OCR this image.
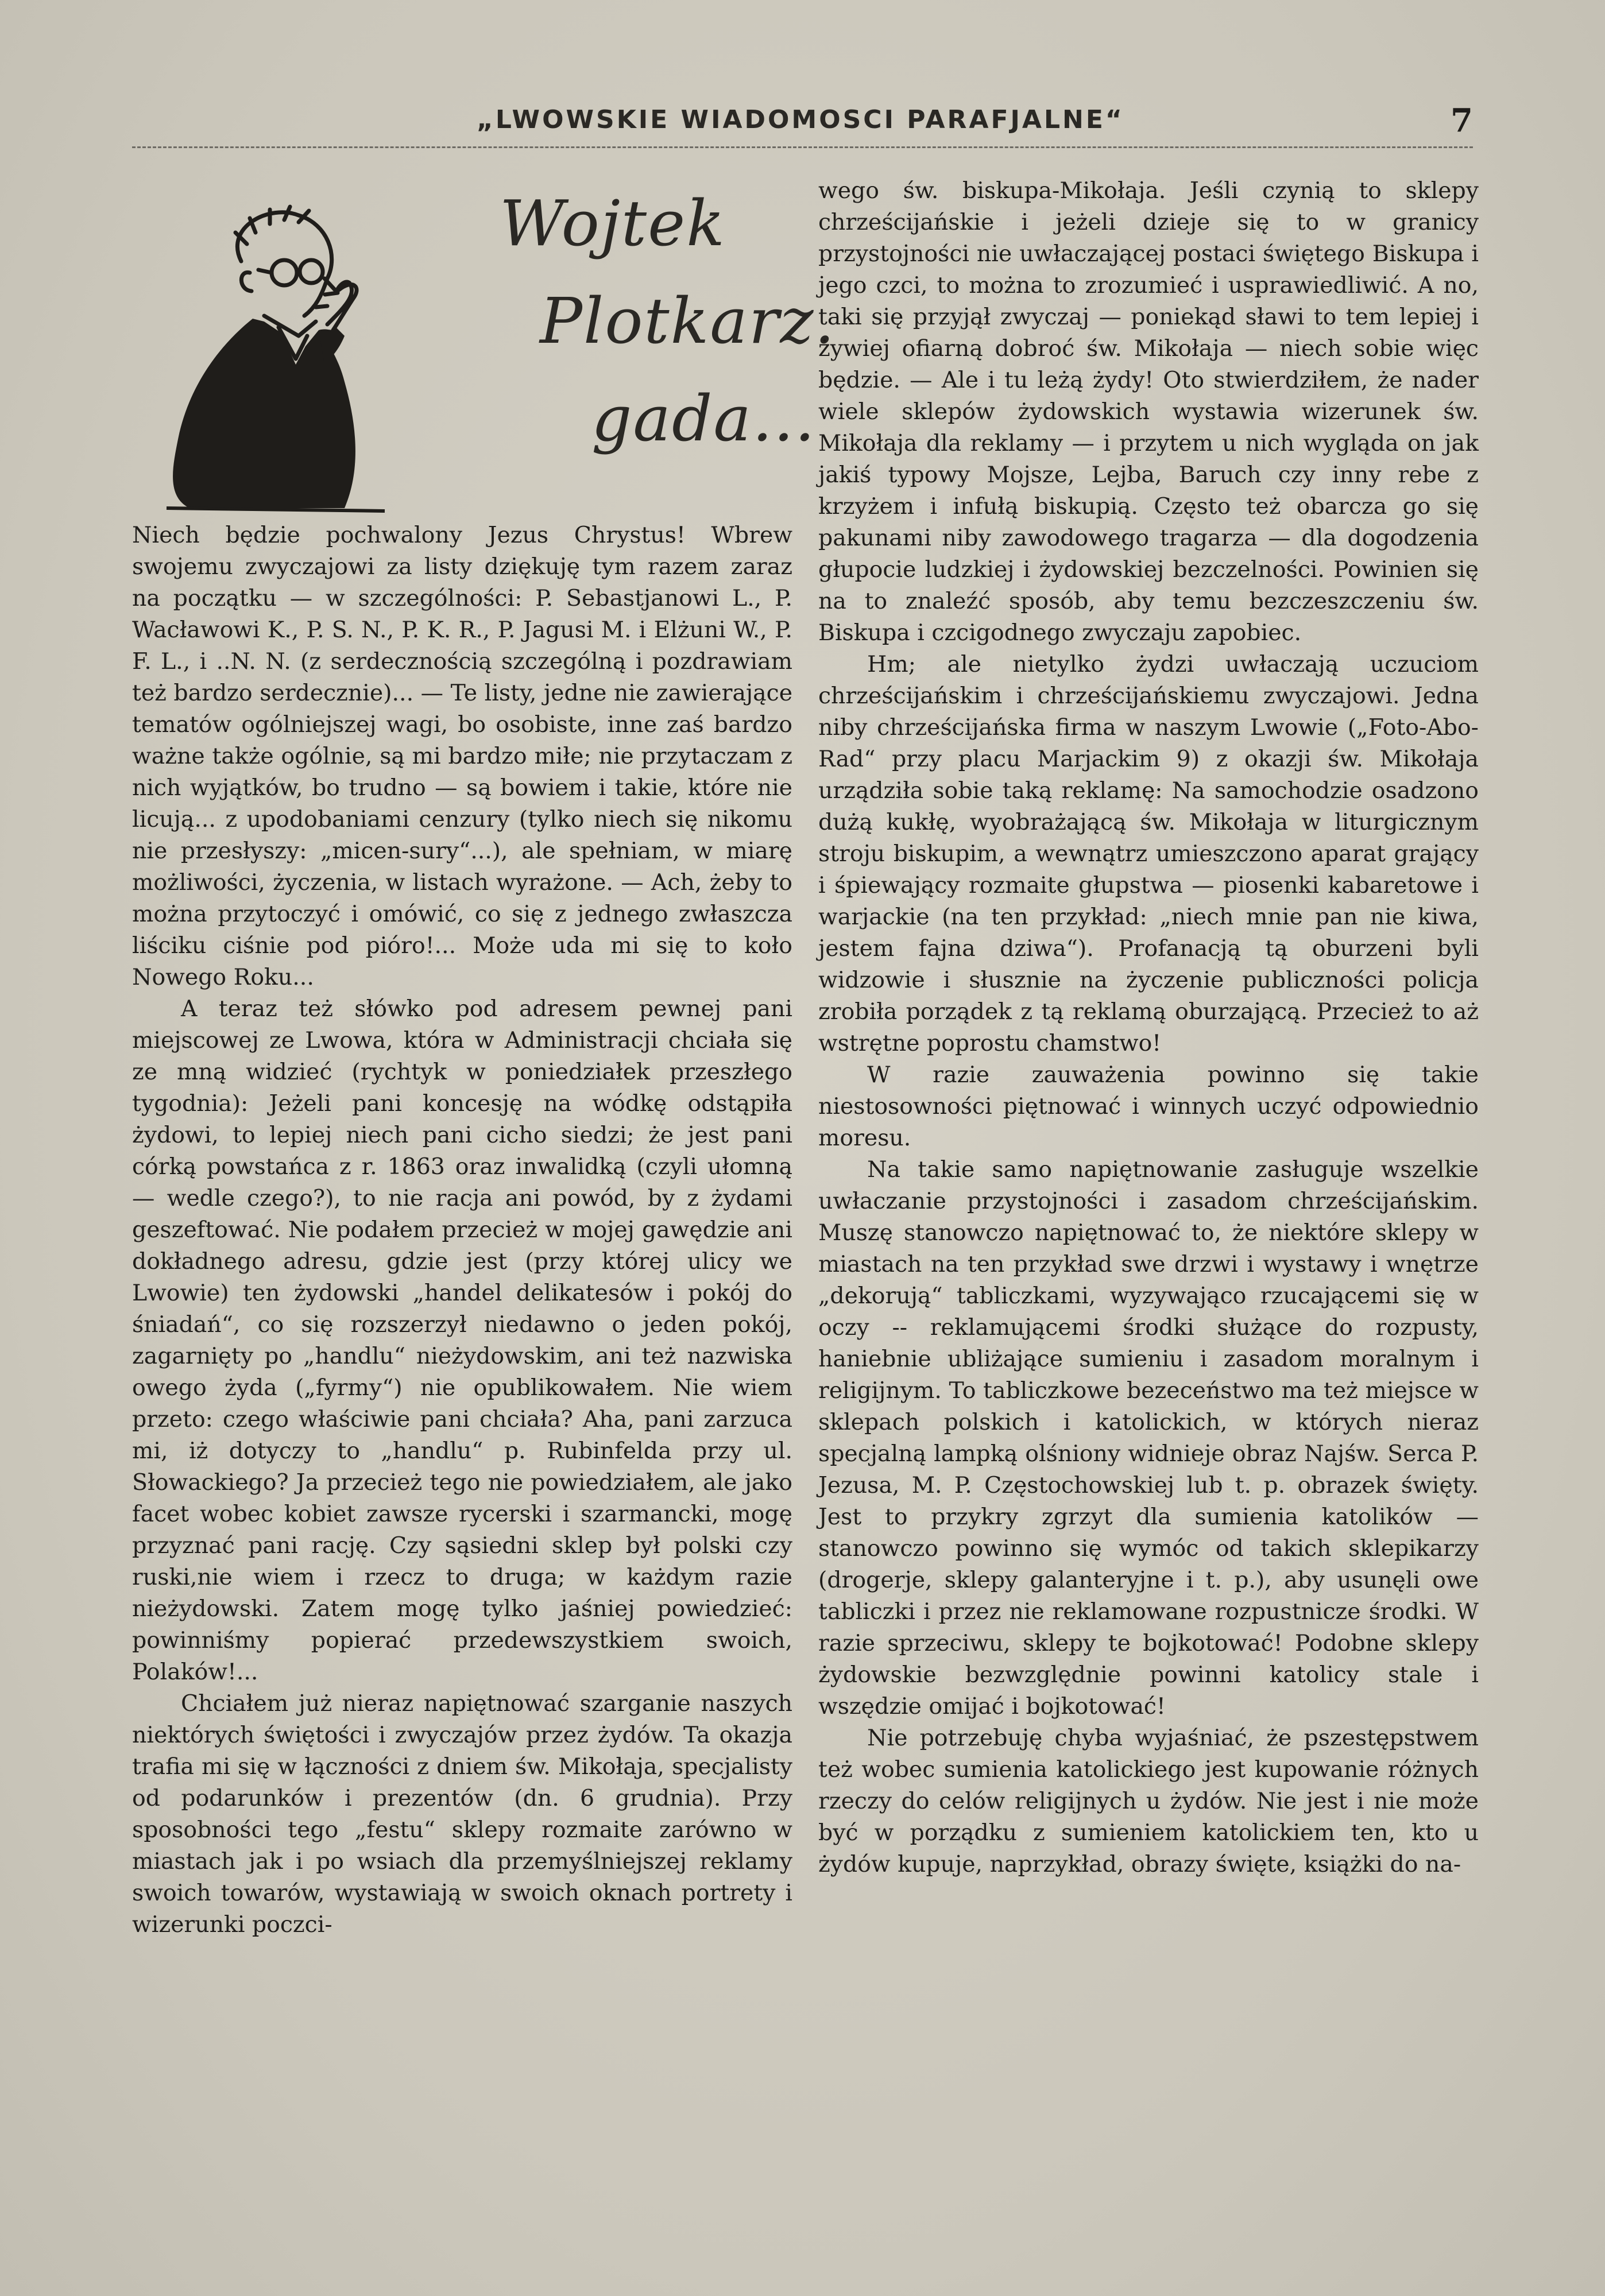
„LWOWSKIE WIADOMOSCI PARAFJALNE“	7
Wojtek
Plotkarz.
gada...

Niech będzie pochwalony Jezus Chrystus! Wbrew swojemu zwyczajowi za listy dziękuję tym razem zaraz na początku — w szczególności: P. Sebastjanowi L., P. Wacławowi K., P. S. N., P. K. R., P. Jagusi M. i Elżuni W., P. F. L., i ..N. N. (z serdecznością szczególną i pozdrawiam też bardzo serdecznie)... — Te listy, jedne nie zawierające tematów ogólniejszej wagi, bo osobiste, inne zaś bardzo ważne także ogólnie, są mi bardzo miłe; nie przytaczam z nich wyjątków, bo trudno — są bowiem i takie, które nie licują... z upodobaniami cenzury (tylko niech się nikomu nie przesłyszy: „micen-sury“...), ale spełniam, w miarę możliwości, życzenia, w listach wyrażone. — Ach, żeby to można przytoczyć i omówić, co się z jednego zwłaszcza liściku ciśnie pod pióro!... Może uda mi się to koło Nowego Roku...

A teraz też słówko pod adresem pewnej pani miejscowej ze Lwowa, która w Administracji chciała się ze mną widzieć (rychtyk w poniedziałek przeszłego tygodnia): Jeżeli pani koncesję na wódkę odstąpiła żydowi, to lepiej niech pani cicho siedzi; że jest pani córką powstańca z r. 1863 oraz inwalidką (czyli ułomną — wedle czego?), to nie racja ani powód, by z żydami geszeftować. Nie podałem przecież w mojej gawędzie ani dokładnego adresu, gdzie jest (przy której ulicy we Lwowie) ten żydowski „handel delikatesów i pokój do śniadań“, co się rozszerzył niedawno o jeden pokój, zagarnięty po „handlu“ nieżydowskim, ani też nazwiska owego żyda („fyrmy“) nie opublikowałem. Nie wiem przeto: czego właściwie pani chciała? Aha, pani zarzuca mi, iż dotyczy to „handlu“ p. Rubinfelda przy ul. Słowackiego? Ja przecież tego nie powiedziałem, ale jako facet wobec kobiet zawsze rycerski i szarmancki, mogę przyznać pani rację. Czy sąsiedni sklep był polski czy ruski,nie wiem i rzecz to druga; w każdym razie nieżydowski. Zatem mogę tylko jaśniej powiedzieć: powinniśmy popierać przedewszystkiem swoich, Polaków!...

Chciałem już nieraz napiętnować szarganie naszych niektórych świętości i zwyczajów przez żydów. Ta okazja trafia mi się w łączności z dniem św. Mikołaja, specjalisty od podarunków i prezentów (dn. 6 grudnia). Przy sposobności tego „festu“ sklepy rozmaite zarówno w miastach jak i po wsiach dla przemyślniejszej reklamy swoich towarów, wystawiają w swoich oknach portrety i wizerunki poczci-

wego św. biskupa-Mikołaja. Jeśli czynią to sklepy chrześcijańskie i jeżeli dzieje się to w granicy przystojności nie uwłaczającej postaci świętego Biskupa i jego czci, to można to zrozumieć i usprawiedliwić. A no, taki się przyjął zwyczaj — poniekąd sławi to tem lepiej i żywiej ofiarną dobroć św. Mikołaja — niech sobie więc będzie. — Ale i tu leżą żydy! Oto stwierdziłem, że nader wiele sklepów żydowskich wystawia wizerunek św. Mikołaja dla reklamy — i przytem u nich wygląda on jak jakiś typowy Mojsze, Lejba, Baruch czy inny rebe z krzyżem i infułą biskupią. Często też obarcza go się pakunami niby zawodowego tragarza — dla dogodzenia głupocie ludzkiej i żydowskiej bezczelności. Powinien się na to znaleźć sposób, aby temu bezczeszczeniu św. Biskupa i czcigodnego zwyczaju zapobiec.

Hm; ale nietylko żydzi uwłaczają uczuciom chrześcijańskim i chrześcijańskiemu zwyczajowi. Jedna niby chrześcijańska firma w naszym Lwowie („Foto-Abo-Rad“ przy placu Marjackim 9) z okazji św. Mikołaja urządziła sobie taką reklamę: Na samochodzie osadzono dużą kukłę, wyobrażającą św. Mikołaja w liturgicznym stroju biskupim, a wewnątrz umieszczono aparat grający i śpiewający rozmaite głupstwa — piosenki kabaretowe i warjackie (na ten przykład: „niech mnie pan nie kiwa, jestem fajna dziwa“). Profanacją tą oburzeni byli widzowie i słusznie na życzenie publiczności policja zrobiła porządek z tą reklamą oburzającą. Przecież to aż wstrętne poprostu chamstwo!

W razie zauważenia powinno się takie niestosowności piętnować i winnych uczyć odpowiednio moresu.

Na takie samo napiętnowanie zasługuje wszelkie uwłaczanie przystojności i zasadom chrześcijańskim. Muszę stanowczo napiętnować to, że niektóre sklepy w miastach na ten przykład swe drzwi i wystawy i wnętrze „dekorują“ tabliczkami, wyzywająco rzucającemi się w oczy -- reklamującemi środki służące do rozpusty, haniebnie ubliżające sumieniu i zasadom moralnym i religijnym. To tabliczkowe bezeceństwo ma też miejsce w sklepach polskich i katolickich, w których nieraz specjalną lampką olśniony widnieje obraz Najśw. Serca P. Jezusa, M. P. Częstochowskiej lub t. p. obrazek święty. Jest to przykry zgrzyt dla sumienia katolików — stanowczo powinno się wymóc od takich sklepikarzy (drogerje, sklepy galanteryjne i t. p.), aby usunęli owe tabliczki i przez nie reklamowane rozpustnicze środki. W razie sprzeciwu, sklepy te bojkotować! Podobne sklepy żydowskie bezwzględnie powinni katolicy stale i wszędzie omijać i bojkotować!

Nie potrzebuję chyba wyjaśniać, że pszestępstwem też wobec sumienia katolickiego jest kupowanie różnych rzeczy do celów religijnych u żydów. Nie jest i nie może być w porządku z sumieniem katolickiem ten, kto u żydów kupuje, naprzykład, obrazy święte, książki do na-
